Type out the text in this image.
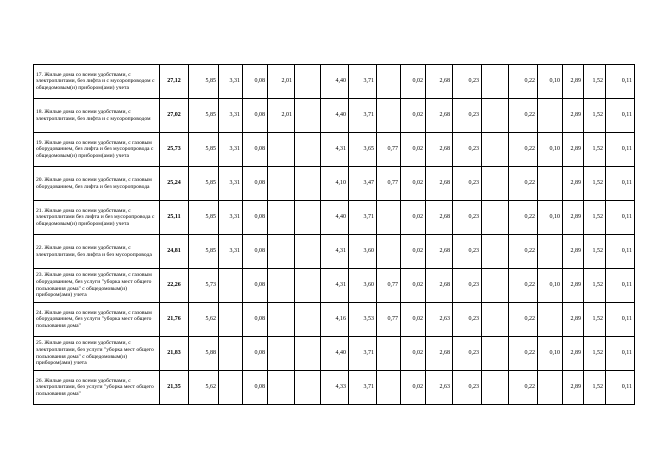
17. Жилые дома со всеми удобствами, с электроплитами, без лифта и с мусоропроводом с общедомовым(и) прибором(ами) учета	27,12	5,85	3,31	0,08	2,01		4,40	3,71		0,02	2,68	0,23		0,22	0,10	2,89	1,52	0,11
18. Жилые дома со всеми удобствами, с электроплитами, без лифта и с мусоропроводом	27,02	5,85	3,31	0,08	2,01		4,40	3,71		0,02	2,68	0,23		0,22		2,89	1,52	0,11
19. Жилые дома со всеми удобствами, с газовым оборудованием, без лифта и без мусоропровода с общедомовым(и) прибором(ами) учета	25,73	5,85	3,31	0,08			4,31	3,65	0,77	0,02	2,68	0,23		0,22	0,10	2,89	1,52	0,11
20. Жилые дома со всеми удобствами, с газовым оборудованием, без лифта и без мусоропровода	25,24	5,85	3,31	0,08			4,10	3,47	0,77	0,02	2,68	0,23		0,22		2,89	1,52	0,11
21. Жилые дома со всеми удобствами, с электроплитами без лифта и без мусоропровода с общедомовым(и) прибором(ами) учета	25,11	5,85	3,31	0,08			4,40	3,71		0,02	2,68	0,23		0,22	0,10	2,89	1,52	0,11
22. Жилые дома со всеми удобствами, с электроплитами, без лифта и без мусоропровода	24,81	5,85	3,31	0,08			4,31	3,60		0,02	2,68	0,23		0,22		2,89	1,52	0,11
23. Жилые дома со всеми удобствами, с газовым оборудованием, без услуги "уборка мест общего пользования дома" с общедомовым(и) прибором(ами) учета	22,26	5,73		0,08			4,31	3,60	0,77	0,02	2,68	0,23		0,22	0,10	2,89	1,52	0,11
24. Жилые дома со всеми удобствами, с газовым оборудованием, без услуги "уборка мест общего пользования дома"	21,76	5,62		0,08			4,16	3,53	0,77	0,02	2,63	0,23		0,22		2,89	1,52	0,11
25. Жилые дома со всеми удобствами, с электроплитами, без услуги "уборка мест общего пользования дома" с общедомовым(и) прибором(ами) учета	21,83	5,88		0,08			4,40	3,71		0,02	2,68	0,23		0,22	0,10	2,89	1,52	0,11
26. Жилые дома со всеми удобствами, с электроплитами, без услуги "уборка мест общего пользования дома"	21,35	5,62		0,08			4,33	3,71		0,02	2,63	0,23		0,22		2,89	1,52	0,11
